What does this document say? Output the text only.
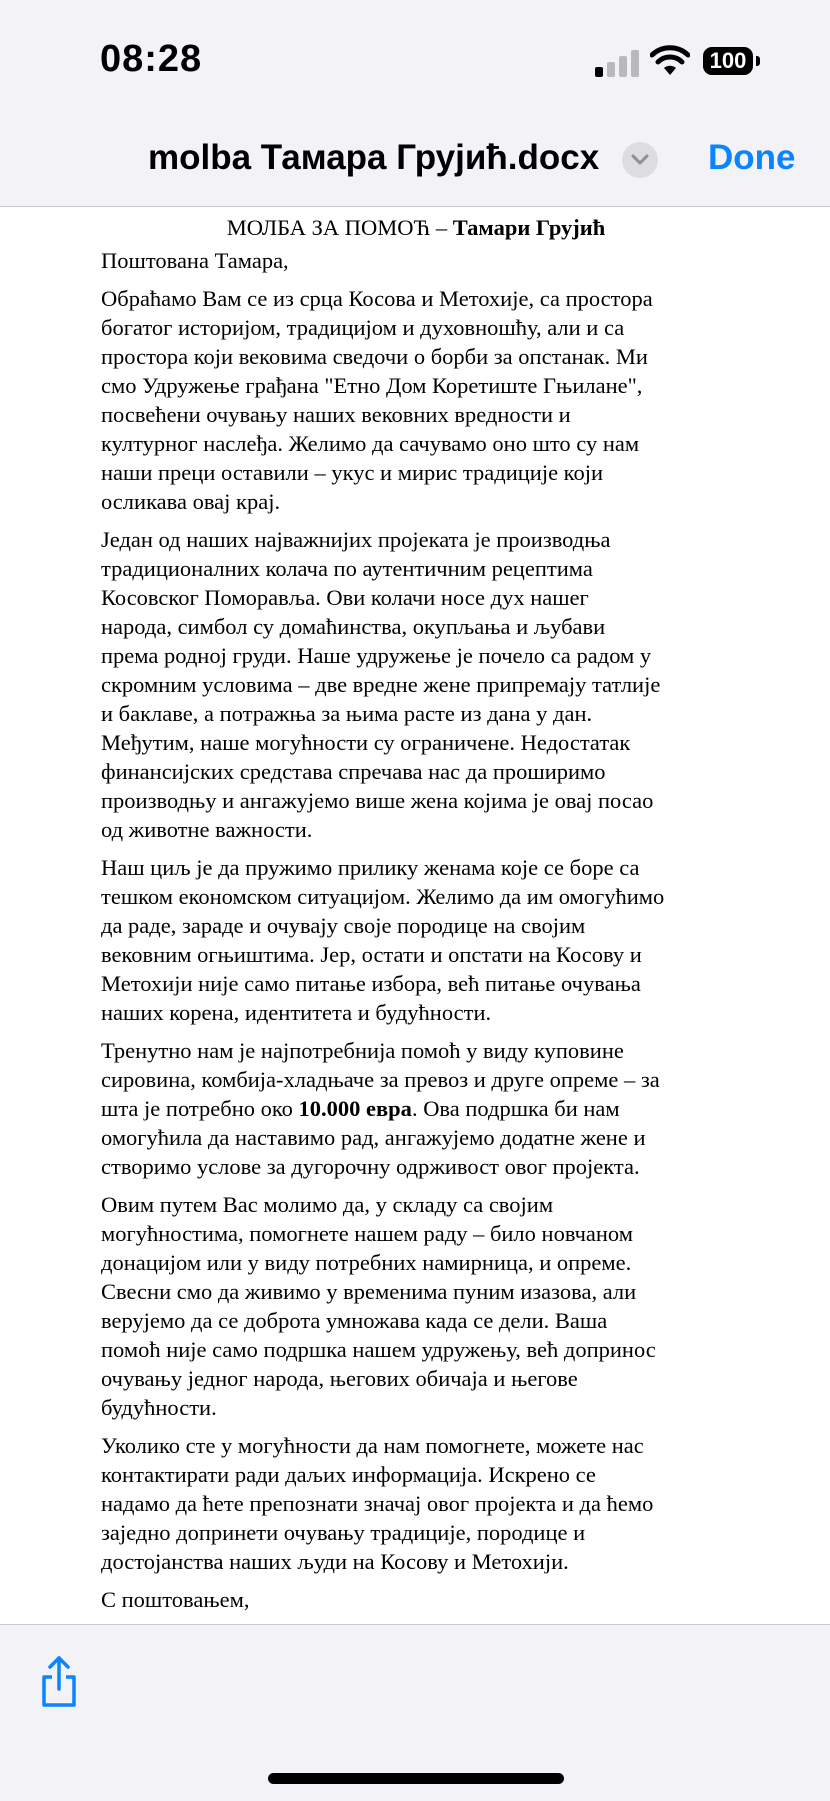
08:28	100
molba Тамара Грујић.docx	Done
МОЛБА ЗА ПОМОЋ – Тамари Грујић
Поштована Тамара,
Обраћамо Вам се из срца Косова и Метохије, са простора
богатог историјом, традицијом и духовношћу, али и са
простора који вековима сведочи о борби за опстанак. Ми
смо Удружење грађана "Етно Дом Коретиште Гњилане",
посвећени очувању наших вековних вредности и
културног наслеђа. Желимо да сачувамо оно што су нам
наши преци оставили – укус и мирис традиције који
осликава овај крај.
Један од наших најважнијих пројеката је производња
традиционалних колача по аутентичним рецептима
Косовског Поморавља. Ови колачи носе дух нашег
народа, симбол су домаћинства, окупљања и љубави
према родној груди. Наше удружење је почело са радом у
скромним условима – две вредне жене припремају татлије
и баклаве, а потражња за њима расте из дана у дан.
Међутим, наше могућности су ограничене. Недостатак
финансијских средстава спречава нас да проширимо
производњу и ангажујемо више жена којима је овај посао
од животне важности.
Наш циљ је да пружимо прилику женама које се боре са
тешком економском ситуацијом. Желимо да им омогућимо
да раде, зараде и очувају своје породице на својим
вековним огњиштима. Јер, остати и опстати на Косову и
Метохији није само питање избора, већ питање очувања
наших корена, идентитета и будућности.
Тренутно нам је најпотребнија помоћ у виду куповине
сировина, комбија-хладњаче за превоз и друге опреме – за
шта је потребно око 10.000 евра. Ова подршка би нам
омогућила да наставимо рад, ангажујемо додатне жене и
створимо услове за дугорочну одрживост овог пројекта.
Овим путем Вас молимо да, у складу са својим
могућностима, помогнете нашем раду – било новчаном
донацијом или у виду потребних намирница, и опреме.
Свесни смо да живимо у временима пуним изазова, али
верујемо да се доброта умножава када се дели. Ваша
помоћ није само подршка нашем удружењу, већ допринос
очувању једног народа, његових обичаја и његове
будућности.
Уколико сте у могућности да нам помогнете, можете нас
контактирати ради даљих информација. Искрено се
надамо да ћете препознати значај овог пројекта и да ћемо
заједно допринети очувању традиције, породице и
достојанства наших људи на Косову и Метохији.
С поштовањем,
